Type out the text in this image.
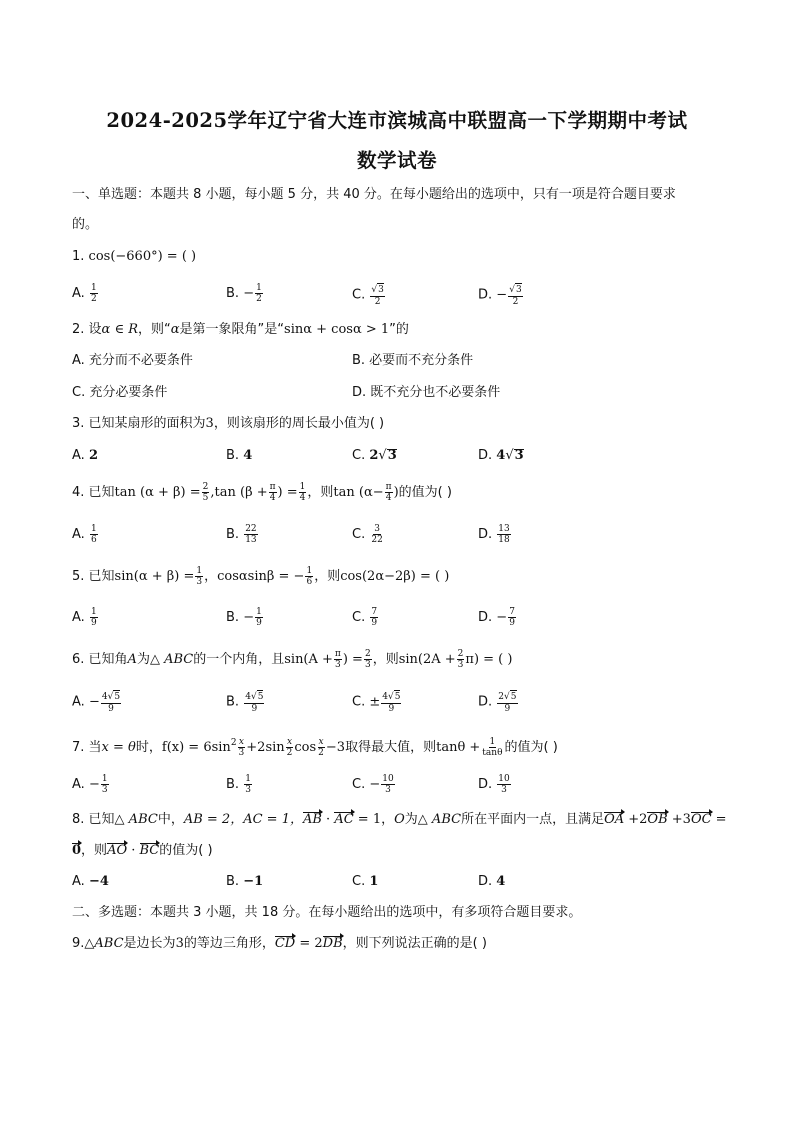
2024-2025学年辽宁省大连市滨城高中联盟高一下学期期中考试
数学试卷
一、单选题：本题共 8 小题，每小题 5 分，共 40 分。在每小题给出的选项中，只有一项是符合题目要求
的。
1. cos(−660°) = ( )
A. $\frac{1}{2}$	B. − $\frac{1}{2}$	C. $\frac{√3}{2}$	D. − $\frac{√3}{2}$
2. 设α ∈ R，则“α是第一象限角”是“sinα + cosα > 1”的
A. 充分而不必要条件	B. 必要而不充分条件
C. 充分必要条件	D. 既不充分也不必要条件
3. 已知某扇形的面积为3，则该扇形的周长最小值为( )
A. 2	B. 4	C. 2√3	D. 4√3
4. 已知$\tan (\alpha + \beta) = \frac{2}{5} ,\tan$ ($\beta + \frac{\pi}{4}$ ) = $\frac{1}{4}$ ，则$\tan (\alpha- \frac{\pi}{4}$ )的值为( )
A. $\frac{1}{6}$	B. $\frac{22}{13}$	C. $\frac{3}{22}$	D. $\frac{13}{18}$
5. 已知$\sin(\alpha + \beta) = \frac{1}{3}$ ，cosαsinβ = − $\frac{1}{6}$ ，则cos(2α−2β) = ( )
A. $\frac{1}{9}$	B. − $\frac{1}{9}$	C. $\frac{7}{9}$	D. − $\frac{7}{9}$
6. 已知角A为△ ABC的一个内角，且$\sin(A + \frac{\pi}{3}$ ) = $\frac{2}{3}$ ，则$\sin(2A + \frac{2}{3} \pi)$ = ( )
A. − $\frac{4√5}{9}$	B. $\frac{4√5}{9}$	C. ± $\frac{4√5}{9}$	D. $\frac{2√5}{9}$
7. 当x = θ时，$f(x) = 6\sin^2 \frac{x}{3} +2\sin \frac{x}{2}$ $\cos \frac{x}{2} -3$取得最大值，则$\tan\theta + \frac{1}{\tan\theta}$ 的值为( )
A. − $\frac{1}{3}$	B. $\frac{1}{3}$	C. − $\frac{10}{3}$	D. $\frac{10}{3}$
8. 已知△ ABC中，AB = 2，AC = 1，AB · AC = 1，O为△ ABC所在平面内一点，且满足OA +2OB +3OC =
0，则AO · BC的值为( )
A. −4	B. −1	C. 1	D. 4
二、多选题：本题共 3 小题，共 18 分。在每小题给出的选项中，有多项符合题目要求。
9.△ABC是边长为3的等边三角形，CD = 2DB，则下列说法正确的是( )
